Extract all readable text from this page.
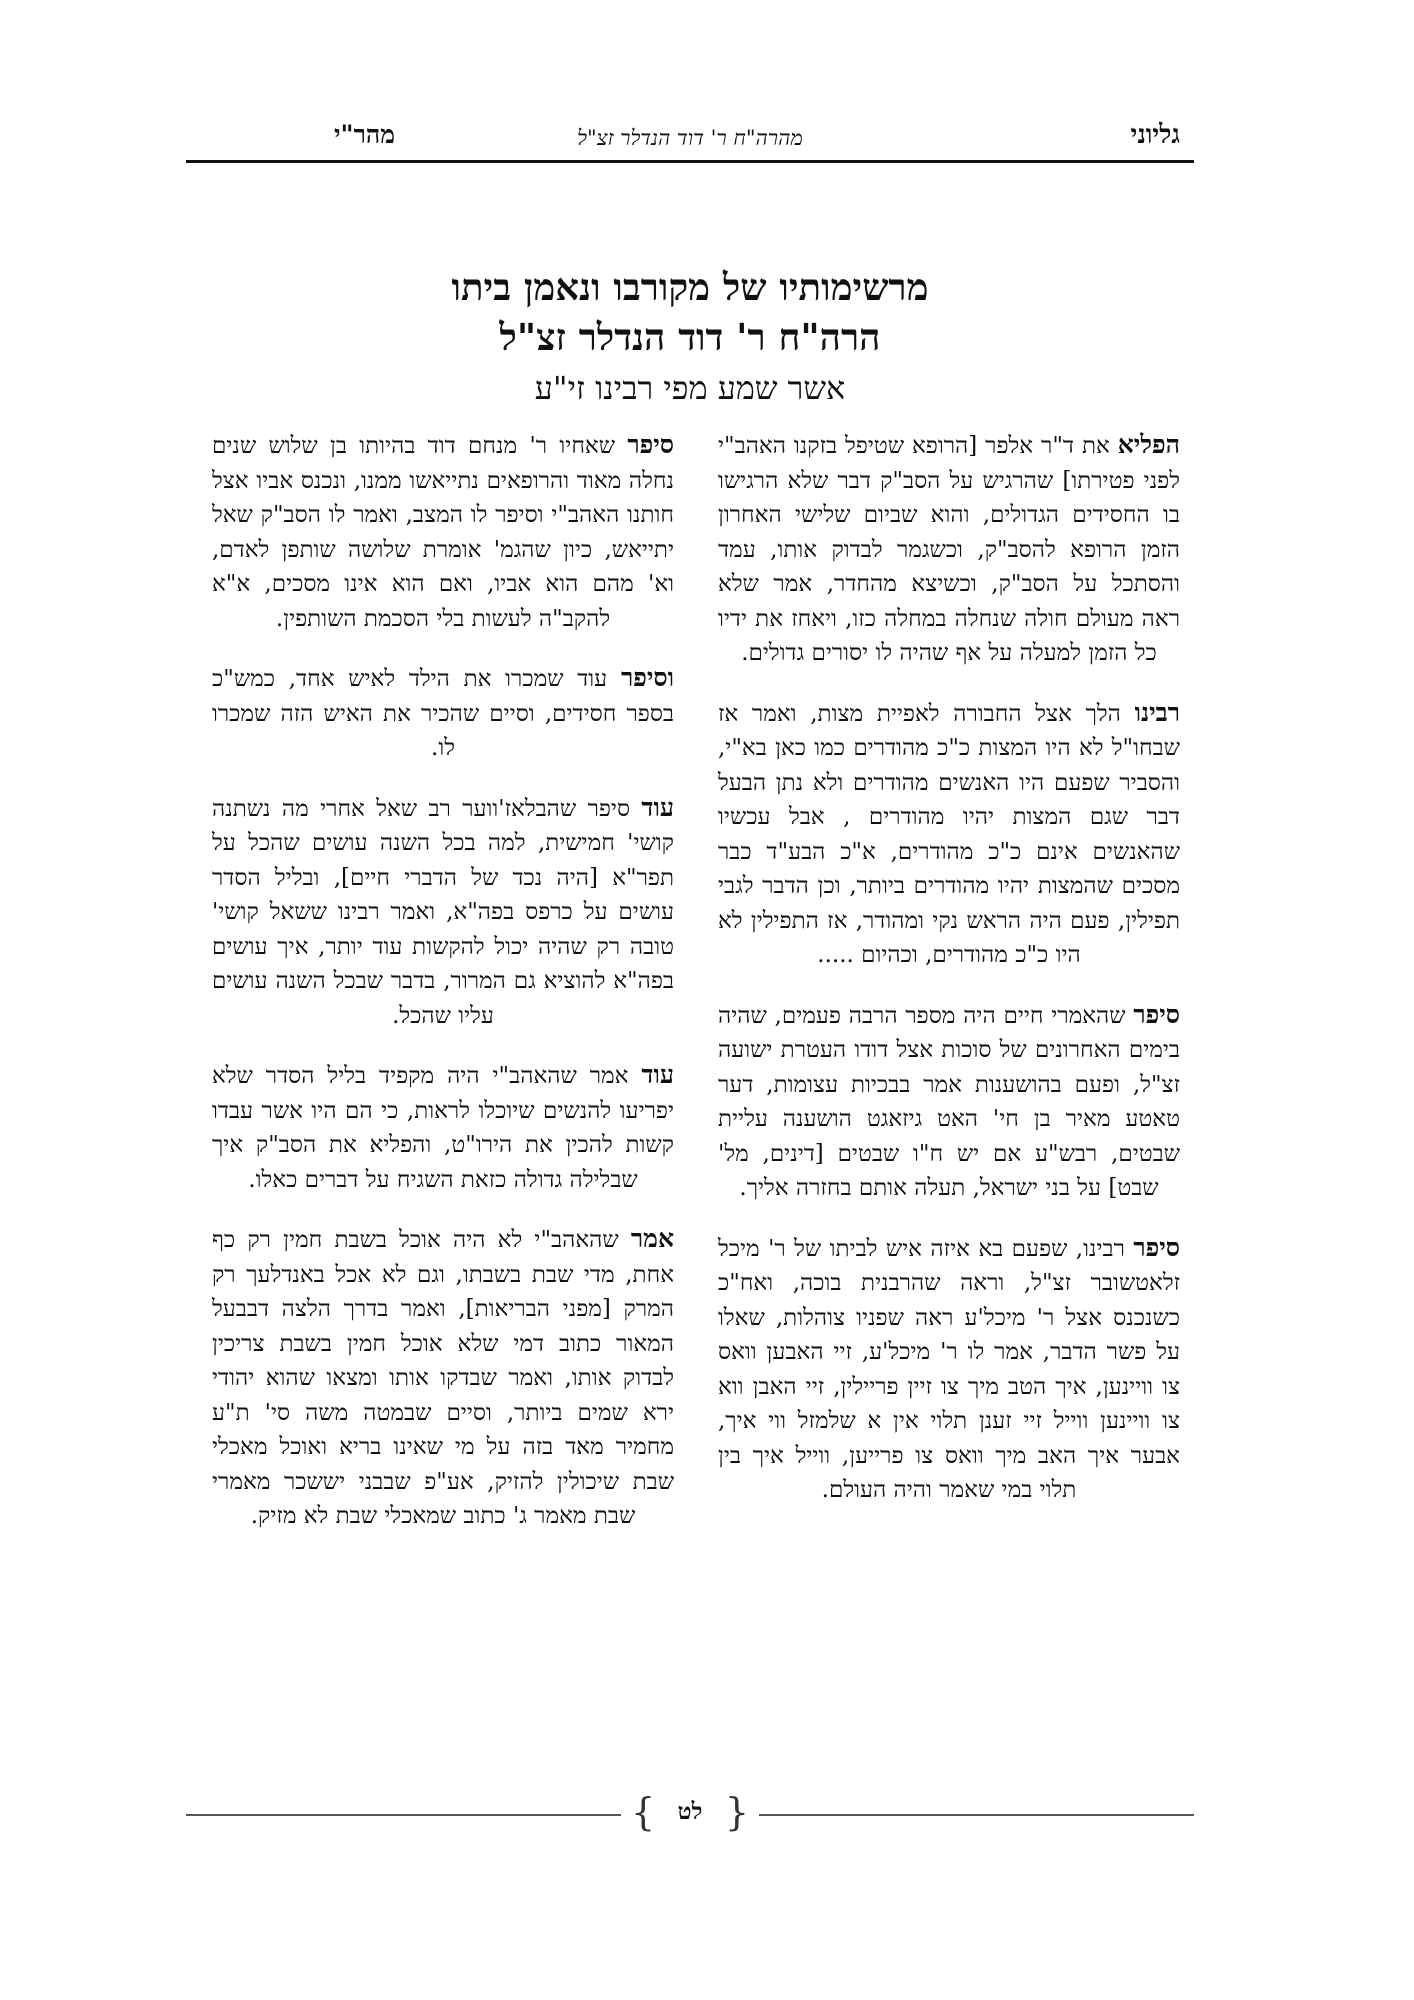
גליוני
מהרה"ח ר' דוד הנדלר זצ"ל
מהר"י
מרשימותיו של מקורבו ונאמן ביתו
הרה"ח ר' דוד הנדלר זצ"ל
אשר שמע מפי רבינו זי"ע

הפליא את ד"ר אלפר [הרופא שטיפל בזקנו האהב"י לפני פטירתו] שהרגיש על הסב"ק דבר שלא הרגישו בו החסידים הגדולים, והוא שביום שלישי האחרון הזמן הרופא להסב"ק, וכשגמר לבדוק אותו, עמד והסתכל על הסב"ק, וכשיצא מהחדר, אמר שלא ראה מעולם חולה שנחלה במחלה כזו, ויאחז את ידיו כל הזמן למעלה על אף שהיה לו יסורים גדולים.

רבינו הלך אצל החבורה לאפיית מצות, ואמר אז שבחו"ל לא היו המצות כ"כ מהודרים כמו כאן בא"י, והסביר שפעם היו האנשים מהודרים ולא נתן הבעל דבר שגם המצות יהיו מהודרים , אבל עכשיו שהאנשים אינם כ"כ מהודרים, א"כ הבע"ד כבר מסכים שהמצות יהיו מהודרים ביותר, וכן הדבר לגבי תפילין, פעם היה הראש נקי ומהודר, אז התפילין לא היו כ"כ מהודרים, וכהיום .....

סיפר שהאמרי חיים היה מספר הרבה פעמים, שהיה בימים האחרונים של סוכות אצל דודו העטרת ישועה זצ"ל, ופעם בהושענות אמר בבכיות עצומות, דער טאטע מאיר בן חי' האט גיזאגט הושענה עליית שבטים, רבש"ע אם יש ח"ו שבטים [דינים, מל' שבט] על בני ישראל, תעלה אותם בחזרה אליך.

סיפר רבינו, שפעם בא איזה איש לביתו של ר' מיכל זלאטשובר זצ"ל, וראה שהרבנית בוכה, ואח"כ כשנכנס אצל ר' מיכל'ע ראה שפניו צוהלות, שאלו על פשר הדבר, אמר לו ר' מיכל'ע, זיי האבען וואס צו וויינען, איך הטב מיך צו זיין פריילין, זיי האבן ווא צו וויינען ווייל זיי זענן תלוי אין א שלמזל ווי איך, אבער איך האב מיך וואס צו פרייען, ווייל איך בין תלוי במי שאמר והיה העולם.

סיפר שאחיו ר' מנחם דוד בהיותו בן שלוש שנים נחלה מאוד והרופאים נתייאשו ממנו, ונכנס אביו אצל חותנו האהב"י וסיפר לו המצב, ואמר לו הסב"ק שאל יתייאש, כיון שהגמ' אומרת שלושה שותפן לאדם, וא' מהם הוא אביו, ואם הוא אינו מסכים, א"א להקב"ה לעשות בלי הסכמת השותפין.

וסיפר עוד שמכרו את הילד לאיש אחד, כמש"כ בספר חסידים, וסיים שהכיר את האיש הזה שמכרו לו.

עוד סיפר שהבלאז'ווער רב שאל אחרי מה נשתנה קושי' חמישית, למה בכל השנה עושים שהכל על תפר"א [היה נכד של הדברי חיים], ובליל הסדר עושים על כרפס בפה"א, ואמר רבינו ששאל קושי' טובה רק שהיה יכול להקשות עוד יותר, איך עושים בפה"א להוציא גם המרור, בדבר שבכל השנה עושים עליו שהכל.

עוד אמר שהאהב"י היה מקפיד בליל הסדר שלא יפריעו להנשים שיוכלו לראות, כי הם היו אשר עבדו קשות להכין את הירו"ט, והפליא את הסב"ק איך שבלילה גדולה כזאת השגיח על דברים כאלו.

אמר שהאהב"י לא היה אוכל בשבת חמין רק כף אחת, מדי שבת בשבתו, וגם לא אכל באנדלעך רק המרק [מפני הבריאות], ואמר בדרך הלצה דבבעל המאור כתוב דמי שלא אוכל חמין בשבת צריכין לבדוק אותו, ואמר שבדקו אותו ומצאו שהוא יהודי ירא שמים ביותר, וסיים שבמטה משה סי' ת"ע מחמיר מאד בזה על מי שאינו בריא ואוכל מאכלי שבת שיכולין להזיק, אע"פ שבבני יששכר מאמרי שבת מאמר ג' כתוב שמאכלי שבת לא מזיק.

{
} לט
